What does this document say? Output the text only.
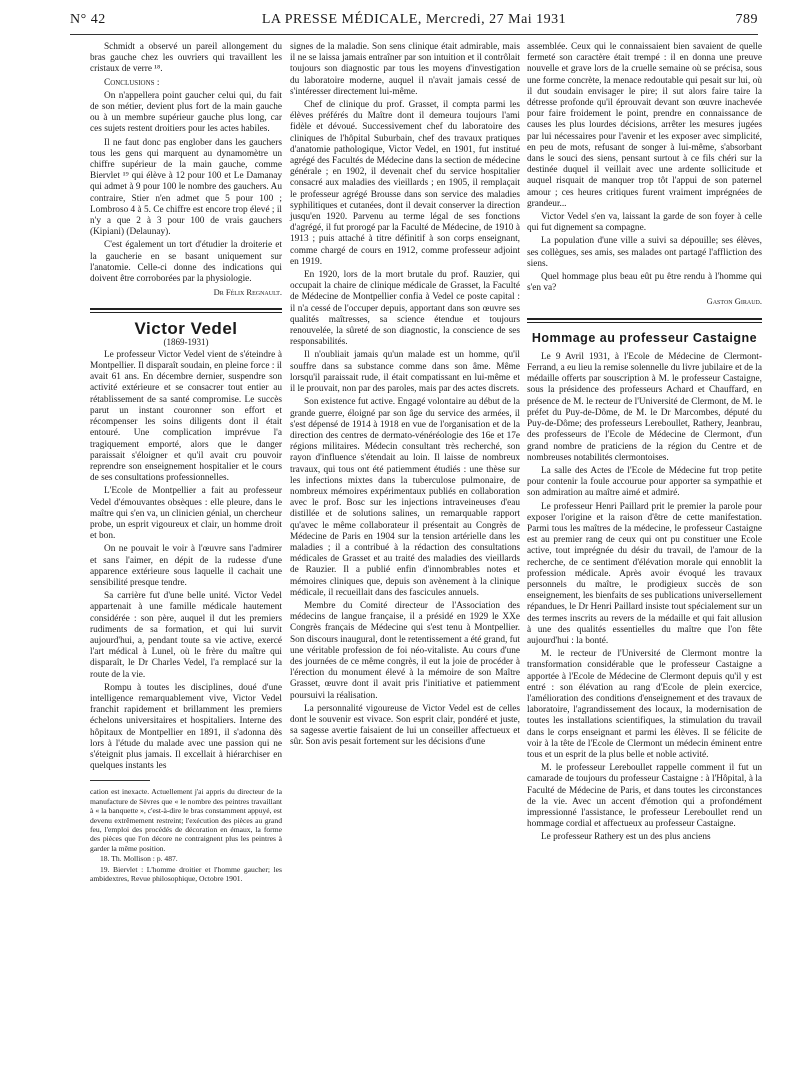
N° 42	LA PRESSE MÉDICALE, Mercredi, 27 Mai 1931	789

Schmidt a observé un pareil allongement du bras gauche chez les ouvriers qui travaillent les cristaux de verre ¹⁸.

Conclusions :

On n'appellera point gaucher celui qui, du fait de son métier, devient plus fort de la main gauche ou à un membre supérieur gauche plus long, car ces sujets restent droitiers pour les actes habiles.

Il ne faut donc pas englober dans les gauchers tous les gens qui marquent au dynamomètre un chiffre supérieur de la main gauche, comme Biervlet ¹⁹ qui élève à 12 pour 100 et Le Damanay qui admet à 9 pour 100 le nombre des gauchers. Au contraire, Stier n'en admet que 5 pour 100 ; Lombroso 4 à 5. Ce chiffre est encore trop élevé ; il n'y a que 2 à 3 pour 100 de vrais gauchers (Kipiani) (Delaunay).

C'est également un tort d'étudier la droiterie et la gaucherie en se basant uniquement sur l'anatomie. Celle-ci donne des indications qui doivent être corroborées par la physiologie.

Dr Félix Regnault.

Victor Vedel

(1869-1931)

Le professeur Victor Vedel vient de s'éteindre à Montpellier. Il disparaît soudain, en pleine force : il avait 61 ans. En décembre dernier, suspendre son activité extérieure et se consacrer tout entier au rétablissement de sa santé compromise. Le succès parut un instant couronner son effort et récompenser les soins diligents dont il était entouré. Une complication imprévue l'a tragiquement emporté, alors que le danger paraissait s'éloigner et qu'il avait cru pouvoir reprendre son enseignement hospitalier et le cours de ses consultations professionnelles.

L'Ecole de Montpellier a fait au professeur Vedel d'émouvantes obsèques : elle pleure, dans le maître qui s'en va, un clinicien génial, un chercheur probe, un esprit vigoureux et clair, un homme droit et bon.

On ne pouvait le voir à l'œuvre sans l'admirer et sans l'aimer, en dépit de la rudesse d'une apparence extérieure sous laquelle il cachait une sensibilité presque tendre.

Sa carrière fut d'une belle unité. Victor Vedel appartenait à une famille médicale hautement considérée : son père, auquel il dut les premiers rudiments de sa formation, et qui lui survit aujourd'hui, a, pendant toute sa vie active, exercé l'art médical à Lunel, où le frère du maître qui disparaît, le Dr Charles Vedel, l'a remplacé sur la route de la vie.

Rompu à toutes les disciplines, doué d'une intelligence remarquablement vive, Victor Vedel franchit rapidement et brillamment les premiers échelons universitaires et hospitaliers. Interne des hôpitaux de Montpellier en 1891, il s'adonna dès lors à l'étude du malade avec une passion qui ne s'éteignit plus jamais. Il excellait à hiérarchiser en quelques instants les

cation est inexacte. Actuellement j'ai appris du directeur de la manufacture de Sèvres que « le nombre des peintres travaillant à « la banquette », c'est-à-dire le bras constamment appuyé, est devenu extrêmement restreint; l'exécution des pièces au grand feu, l'emploi des procédés de décoration en émaux, la forme des pièces que l'on décore ne contraignent plus les peintres à garder la même position.

18. Th. Mollison : p. 487.

19. Biervlet : L'homme droitier et l'homme gaucher; les ambidextres, Revue philosophique, Octobre 1901.

signes de la maladie. Son sens clinique était admirable, mais il ne se laissa jamais entraîner par son intuition et il contrôlait toujours son diagnostic par tous les moyens d'investigation du laboratoire moderne, auquel il n'avait jamais cessé de s'intéresser directement lui-même.

Chef de clinique du prof. Grasset, il compta parmi les élèves préférés du Maître dont il demeura toujours l'ami fidèle et dévoué. Successivement chef du laboratoire des cliniques de l'hôpital Suburbain, chef des travaux pratiques d'anatomie pathologique, Victor Vedel, en 1901, fut institué agrégé des Facultés de Médecine dans la section de médecine générale ; en 1902, il devenait chef du service hospitalier consacré aux maladies des vieillards ; en 1905, il remplaçait le professeur agrégé Brousse dans son service des maladies syphilitiques et cutanées, dont il devait conserver la direction jusqu'en 1920. Parvenu au terme légal de ses fonctions d'agrégé, il fut prorogé par la Faculté de Médecine, de 1910 à 1913 ; puis attaché à titre définitif à son corps enseignant, comme chargé de cours en 1912, comme professeur adjoint en 1919.

En 1920, lors de la mort brutale du prof. Rauzier, qui occupait la chaire de clinique médicale de Grasset, la Faculté de Médecine de Montpellier confia à Vedel ce poste capital : il n'a cessé de l'occuper depuis, apportant dans son œuvre ses qualités maîtresses, sa science étendue et toujours renouvelée, la sûreté de son diagnostic, la conscience de ses responsabilités.

Il n'oubliait jamais qu'un malade est un homme, qu'il souffre dans sa substance comme dans son âme. Même lorsqu'il paraissait rude, il était compatissant en lui-même et il le prouvait, non par des paroles, mais par des actes discrets.

Son existence fut active. Engagé volontaire au début de la grande guerre, éloigné par son âge du service des armées, il s'est dépensé de 1914 à 1918 en vue de l'organisation et de la direction des centres de dermato-vénéréologie des 16e et 17e régions militaires. Médecin consultant très recherché, son rayon d'influence s'étendait au loin. Il laisse de nombreux travaux, qui tous ont été patiemment étudiés : une thèse sur les infections mixtes dans la tuberculose pulmonaire, de nombreux mémoires expérimentaux publiés en collaboration avec le prof. Bosc sur les injections intraveineuses d'eau distillée et de solutions salines, un remarquable rapport qu'avec le même collaborateur il présentait au Congrès de Médecine de Paris en 1904 sur la tension artérielle dans les maladies ; il a contribué à la rédaction des consultations médicales de Grasset et au traité des maladies des vieillards de Rauzier. Il a publié enfin d'innombrables notes et mémoires cliniques que, depuis son avènement à la clinique médicale, il recueillait dans des fascicules annuels.

Membre du Comité directeur de l'Association des médecins de langue française, il a présidé en 1929 le XXe Congrès français de Médecine qui s'est tenu à Montpellier. Son discours inaugural, dont le retentissement a été grand, fut une véritable profession de foi néo-vitaliste. Au cours d'une des journées de ce même congrès, il eut la joie de procéder à l'érection du monument élevé à la mémoire de son Maître Grasset, œuvre dont il avait pris l'initiative et patiemment poursuivi la réalisation.

La personnalité vigoureuse de Victor Vedel est de celles dont le souvenir est vivace. Son esprit clair, pondéré et juste, sa sagesse avertie faisaient de lui un conseiller affectueux et sûr. Son avis pesait fortement sur les décisions d'une

assemblée. Ceux qui le connaissaient bien savaient de quelle fermeté son caractère était trempé : il en donna une preuve nouvelle et grave lors de la cruelle semaine où se précisa, sous une forme concrète, la menace redoutable qui pesait sur lui, où il dut soudain envisager le pire; il sut alors faire taire la détresse profonde qu'il éprouvait devant son œuvre inachevée pour faire froidement le point, prendre en connaissance de causes les plus lourdes décisions, arrêter les mesures jugées par lui nécessaires pour l'avenir et les exposer avec simplicité, en peu de mots, refusant de songer à lui-même, s'absorbant dans le souci des siens, pensant surtout à ce fils chéri sur la destinée duquel il veillait avec une ardente sollicitude et auquel risquait de manquer trop tôt l'appui de son paternel amour ; ces heures critiques furent vraiment imprégnées de grandeur...

Victor Vedel s'en va, laissant la garde de son foyer à celle qui fut dignement sa compagne.

La population d'une ville a suivi sa dépouille; ses élèves, ses collègues, ses amis, ses malades ont partagé l'affliction des siens.

Quel hommage plus beau eût pu être rendu à l'homme qui s'en va?

Gaston Giraud.

Hommage au professeur Castaigne

Le 9 Avril 1931, à l'Ecole de Médecine de Clermont-Ferrand, a eu lieu la remise solennelle du livre jubilaire et de la médaille offerts par souscription à M. le professeur Castaigne, sous la présidence des professeurs Achard et Chauffard, en présence de M. le recteur de l'Université de Clermont, de M. le préfet du Puy-de-Dôme, de M. le Dr Marcombes, député du Puy-de-Dôme; des professeurs Lereboullet, Rathery, Jeanbrau, des professeurs de l'Ecole de Médecine de Clermont, d'un grand nombre de praticiens de la région du Centre et de nombreuses notabilités clermontoises.

La salle des Actes de l'Ecole de Médecine fut trop petite pour contenir la foule accourue pour apporter sa sympathie et son admiration au maître aimé et admiré.

Le professeur Henri Paillard prit le premier la parole pour exposer l'origine et la raison d'être de cette manifestation. Parmi tous les maîtres de la médecine, le professeur Castaigne est au premier rang de ceux qui ont pu constituer une Ecole active, tout imprégnée du désir du travail, de l'amour de la recherche, de ce sentiment d'élévation morale qui ennoblit la profession médicale. Après avoir évoqué les travaux personnels du maître, le prodigieux succès de son enseignement, les bienfaits de ses publications universellement répandues, le Dr Henri Paillard insiste tout spécialement sur un des termes inscrits au revers de la médaille et qui fait allusion à une des qualités essentielles du maître que l'on fête aujourd'hui : la bonté.

M. le recteur de l'Université de Clermont montre la transformation considérable que le professeur Castaigne a apportée à l'Ecole de Médecine de Clermont depuis qu'il y est entré : son élévation au rang d'Ecole de plein exercice, l'amélioration des conditions d'enseignement et des travaux de laboratoire, l'agrandissement des locaux, la modernisation de toutes les installations scientifiques, la stimulation du travail dans le corps enseignant et parmi les élèves. Il se félicite de voir à la tête de l'Ecole de Clermont un médecin éminent entre tous et un esprit de la plus belle et noble activité.

M. le professeur Lereboullet rappelle comment il fut un camarade de toujours du professeur Castaigne : à l'Hôpital, à la Faculté de Médecine de Paris, et dans toutes les circonstances de la vie. Avec un accent d'émotion qui a profondément impressionné l'assistance, le professeur Lereboullet rend un hommage cordial et affectueux au professeur Castaigne.

Le professeur Rathery est un des plus anciens
